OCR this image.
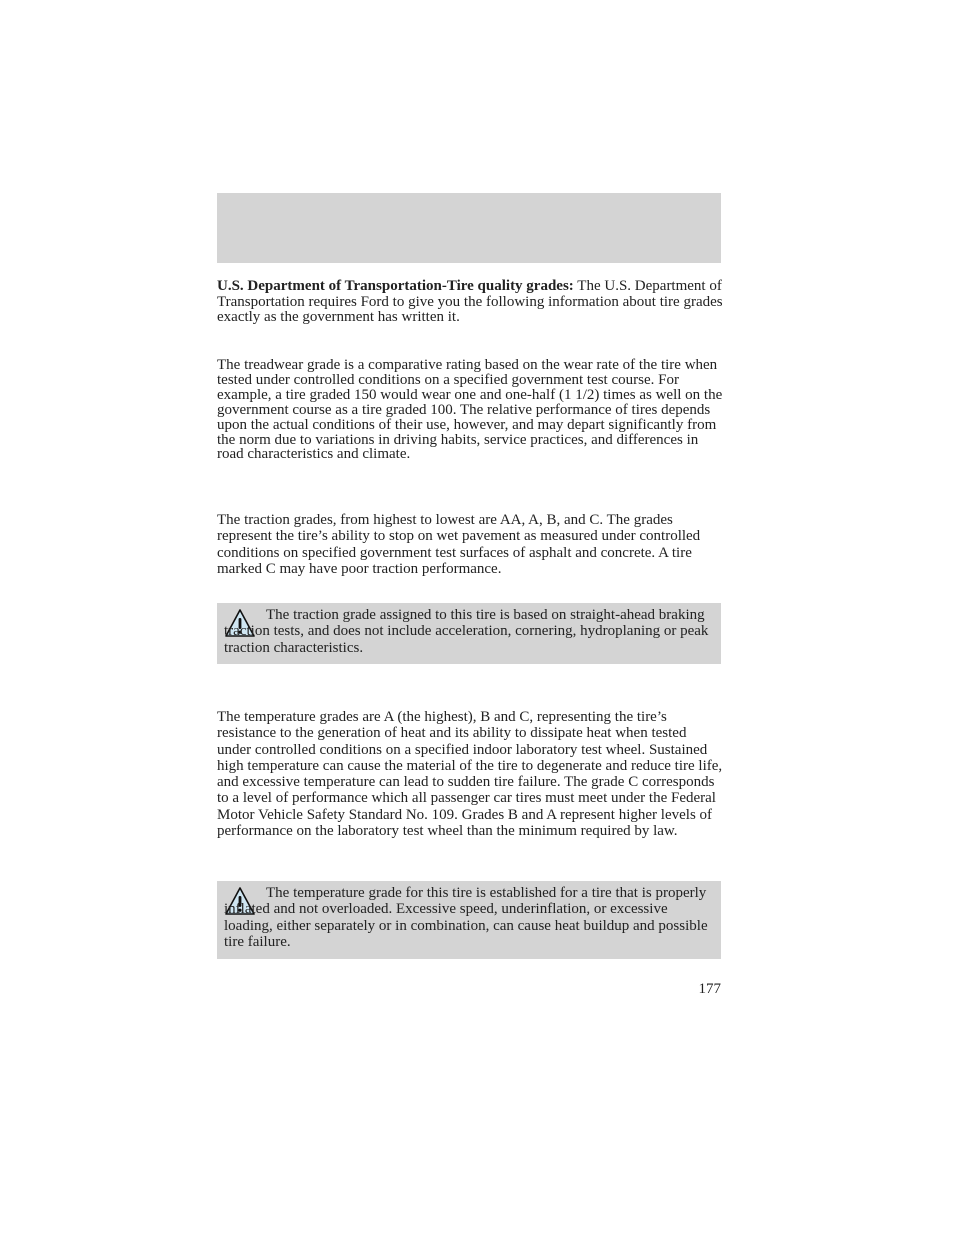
U.S. Department of Transportation-Tire quality grades: The U.S. Department of Transportation requires Ford to give you the following information about tire grades exactly as the government has written it.

The treadwear grade is a comparative rating based on the wear rate of the tire when tested under controlled conditions on a specified government test course. For example, a tire graded 150 would wear one and one-half (1 1/2) times as well on the government course as a tire graded 100. The relative performance of tires depends upon the actual conditions of their use, however, and may depart significantly from the norm due to variations in driving habits, service practices, and differences in road characteristics and climate.

The traction grades, from highest to lowest are AA, A, B, and C. The grades represent the tire’s ability to stop on wet pavement as measured under controlled conditions on specified government test surfaces of asphalt and concrete. A tire marked C may have poor traction performance.

The traction grade assigned to this tire is based on straight-ahead braking traction tests, and does not include acceleration, cornering, hydroplaning or peak traction characteristics.

The temperature grades are A (the highest), B and C, representing the tire’s resistance to the generation of heat and its ability to dissipate heat when tested under controlled conditions on a specified indoor laboratory test wheel. Sustained high temperature can cause the material of the tire to degenerate and reduce tire life, and excessive temperature can lead to sudden tire failure. The grade C corresponds to a level of performance which all passenger car tires must meet under the Federal Motor Vehicle Safety Standard No. 109. Grades B and A represent higher levels of performance on the laboratory test wheel than the minimum required by law.

The temperature grade for this tire is established for a tire that is properly inflated and not overloaded. Excessive speed, underinflation, or excessive loading, either separately or in combination, can cause heat buildup and possible tire failure.

177
